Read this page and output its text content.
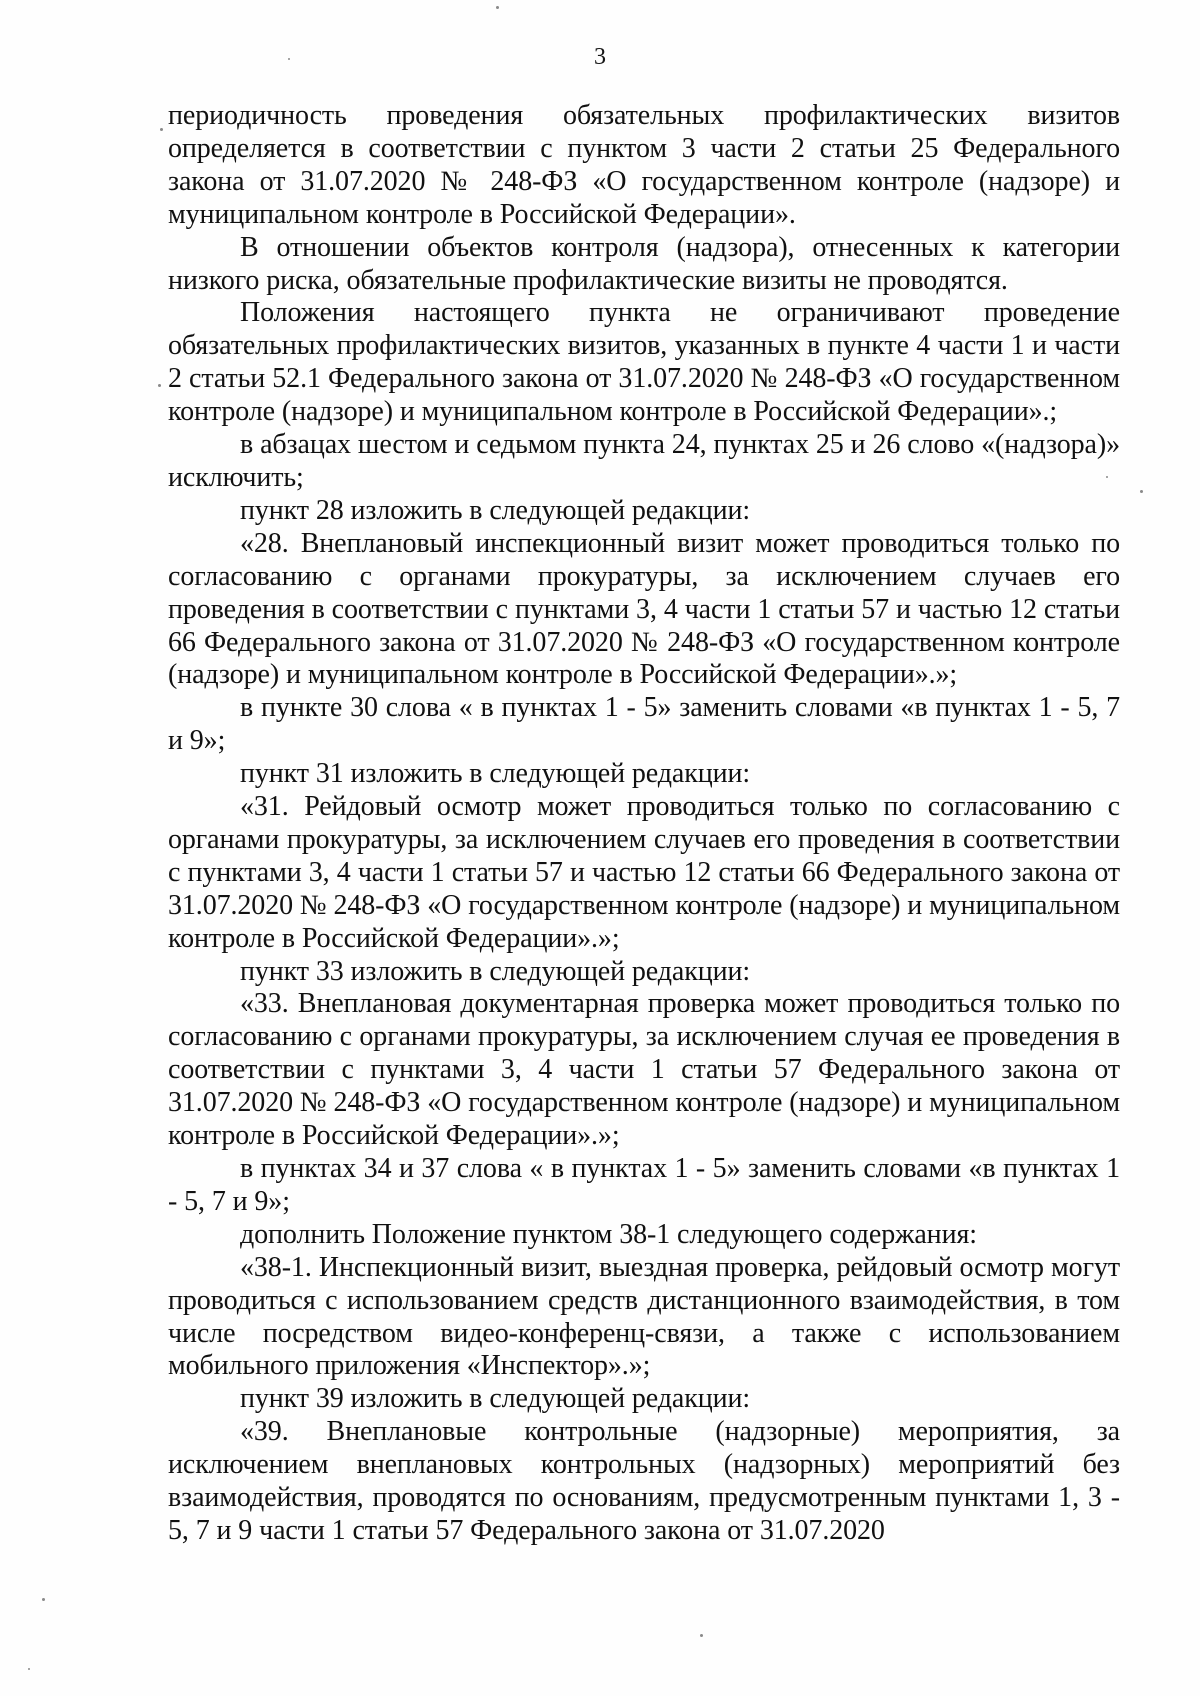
3

периодичность проведения обязательных профилактических визитов определяется в соответствии с пунктом 3 части 2 статьи 25 Федерального закона от 31.07.2020 № 248-ФЗ «О государственном контроле (надзоре) и муниципальном контроле в Российской Федерации».

В отношении объектов контроля (надзора), отнесенных к категории низкого риска, обязательные профилактические визиты не проводятся.

Положения настоящего пункта не ограничивают проведение обязательных профилактических визитов, указанных в пункте 4 части 1 и части 2 статьи 52.1 Федерального закона от 31.07.2020 № 248-ФЗ «О государственном контроле (надзоре) и муниципальном контроле в Российской Федерации».;

в абзацах шестом и седьмом пункта 24, пунктах 25 и 26 слово «(надзора)» исключить;

пункт 28 изложить в следующей редакции:

«28. Внеплановый инспекционный визит может проводиться только по согласованию с органами прокуратуры, за исключением случаев его проведения в соответствии с пунктами 3, 4 части 1 статьи 57 и частью 12 статьи 66 Федерального закона от 31.07.2020 № 248-ФЗ «О государственном контроле (надзоре) и муниципальном контроле в Российской Федерации».»;

в пункте 30 слова « в пунктах 1 - 5» заменить словами «в пунктах 1 - 5, 7 и 9»;

пункт 31 изложить в следующей редакции:

«31. Рейдовый осмотр может проводиться только по согласованию с органами прокуратуры, за исключением случаев его проведения в соответствии с пунктами 3, 4 части 1 статьи 57 и частью 12 статьи 66 Федерального закона от 31.07.2020 № 248-ФЗ «О государственном контроле (надзоре) и муниципальном контроле в Российской Федерации».»;

пункт 33 изложить в следующей редакции:

«33. Внеплановая документарная проверка может проводиться только по согласованию с органами прокуратуры, за исключением случая ее проведения в соответствии с пунктами 3, 4 части 1 статьи 57 Федерального закона от 31.07.2020 № 248-ФЗ «О государственном контроле (надзоре) и муниципальном контроле в Российской Федерации».»;

в пунктах 34 и 37 слова « в пунктах 1 - 5» заменить словами «в пунктах 1 - 5, 7 и 9»;

дополнить Положение пунктом 38-1 следующего содержания:

«38-1. Инспекционный визит, выездная проверка, рейдовый осмотр могут проводиться с использованием средств дистанционного взаимодействия, в том числе посредством видео-конференц-связи, а также с использованием мобильного приложения «Инспектор».»;

пункт 39 изложить в следующей редакции:

«39. Внеплановые контрольные (надзорные) мероприятия, за исключением внеплановых контрольных (надзорных) мероприятий без взаимодействия, проводятся по основаниям, предусмотренным пунктами 1, 3 - 5, 7 и 9 части 1 статьи 57 Федерального закона от 31.07.2020
